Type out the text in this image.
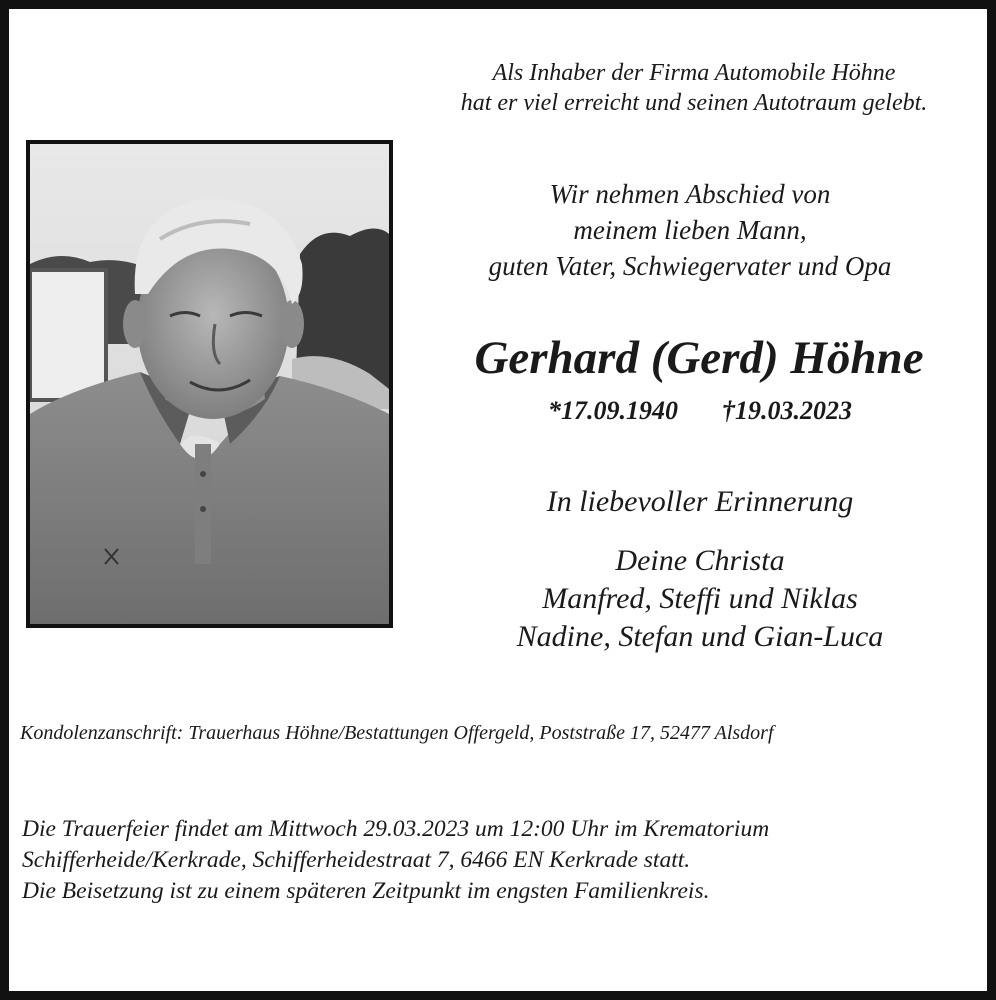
Als Inhaber der Firma Automobile Höhne
hat er viel erreicht und seinen Autotraum gelebt.
Wir nehmen Abschied von
meinem lieben Mann,
guten Vater, Schwiegervater und Opa
Gerhard (Gerd) Höhne
*17.09.1940 †19.03.2023
In liebevoller Erinnerung
Deine Christa
Manfred, Steffi und Niklas
Nadine, Stefan und Gian-Luca
Kondolenzanschrift: Trauerhaus Höhne/Bestattungen Offergeld, Poststraße 17, 52477 Alsdorf
Die Trauerfeier findet am Mittwoch 29.03.2023 um 12:00 Uhr im Krematorium
Schifferheide/Kerkrade, Schifferheidestraat 7, 6466 EN Kerkrade statt.
Die Beisetzung ist zu einem späteren Zeitpunkt im engsten Familienkreis.
